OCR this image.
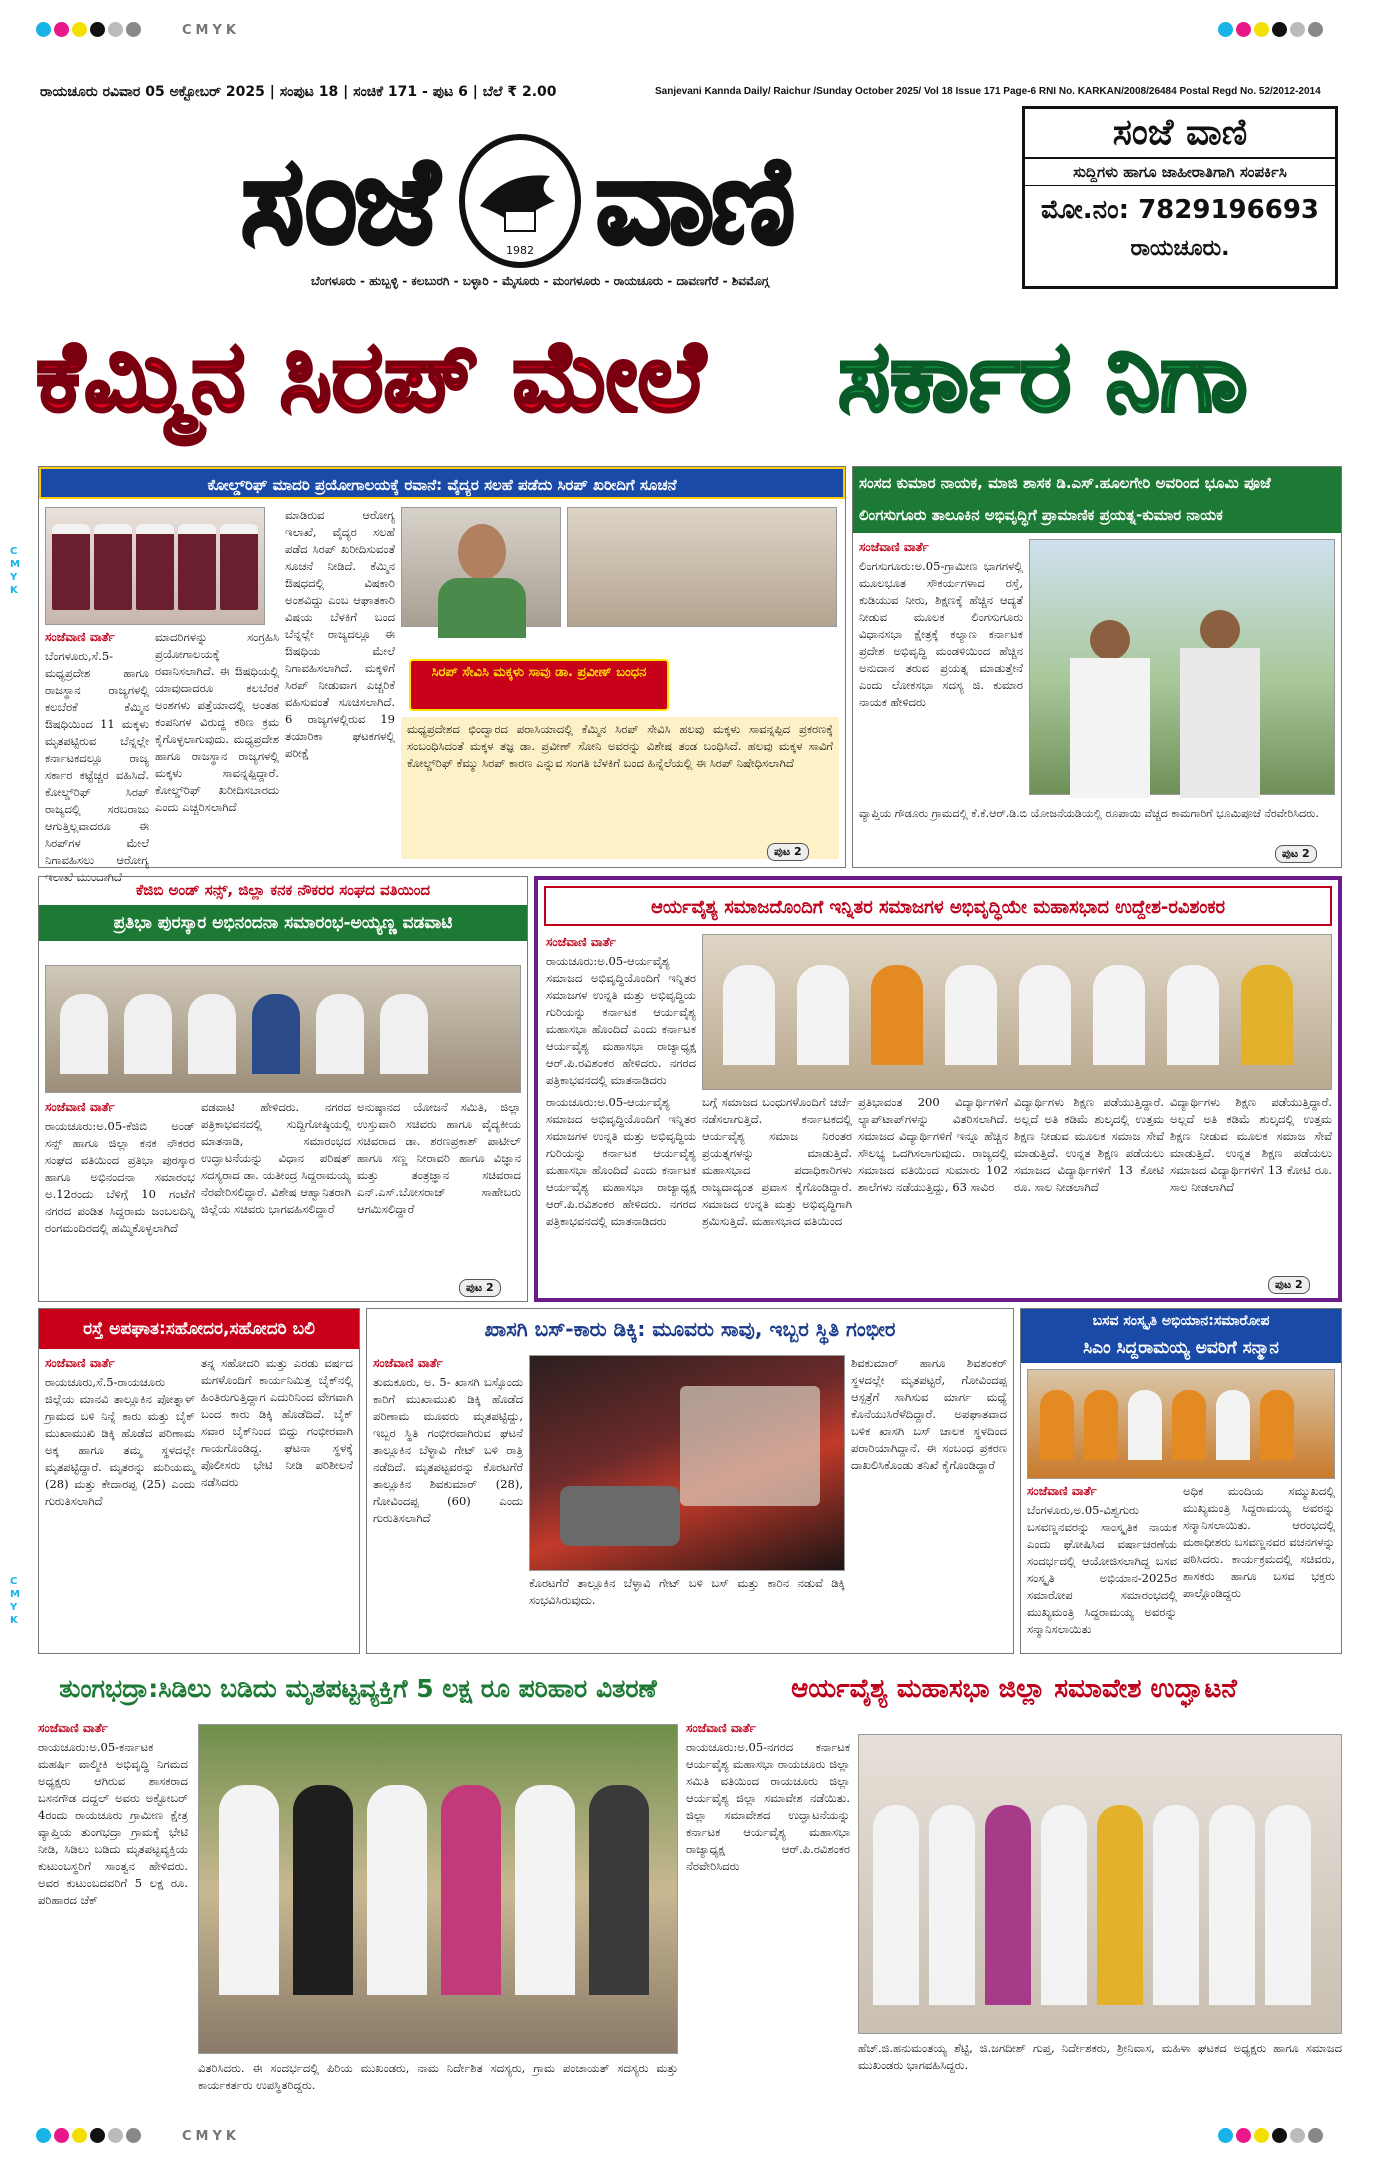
CMYK
CMYK
CMYK
CMYK
ರಾಯಚೂರು ರವಿವಾರ 05 ಅಕ್ಟೋಬರ್ 2025 | ಸಂಪುಟ 18 | ಸಂಚಿಕೆ 171 - ಪುಟ 6 | ಬೆಲೆ ₹ 2.00	Sanjevani Kannda Daily/ Raichur /Sunday October 2025/ Vol 18 Issue 171 Page-6 RNI No. KARKAN/2008/26484 Postal Regd No. 52/2012-2014
ಸಂಜೆ	1982 ವಾಣಿ
ಬೆಂಗಳೂರು - ಹುಬ್ಬಳ್ಳಿ - ಕಲಬುರಗಿ - ಬಳ್ಳಾರಿ - ಮೈಸೂರು - ಮಂಗಳೂರು - ರಾಯಚೂರು - ದಾವಣಗೆರೆ - ಶಿವಮೊಗ್ಗ
ಸಂಜೆ ವಾಣಿ
ಸುದ್ದಿಗಳು ಹಾಗೂ ಜಾಹೀರಾತಿಗಾಗಿ ಸಂಪರ್ಕಿಸಿ
ಮೋ.ನಂ: 7829196693
ರಾಯಚೂರು.
ಕೆಮ್ಮಿನ ಸಿರಪ್ ಮೇಲೆ ಸರ್ಕಾರ ನಿಗಾ
ಕೋಲ್ಡ್‌ರಿಫ್ ಮಾದರಿ ಪ್ರಯೋಗಾಲಯಕ್ಕೆ ರವಾನೆ: ವೈದ್ಯರ ಸಲಹೆ ಪಡೆದು ಸಿರಪ್ ಖರೀದಿಗೆ ಸೂಚನೆ
ಸಂಜೆವಾಣಿ ವಾರ್ತೆ
ಬೆಂಗಳೂರು,ಸೆ.5-ಮಧ್ಯಪ್ರದೇಶ ಹಾಗೂ ರಾಜಸ್ಥಾನ ರಾಜ್ಯಗಳಲ್ಲಿ ಕಲಬೆರಕೆ ಕೆಮ್ಮಿನ ಔಷಧಿಯಿಂದ 11 ಮಕ್ಕಳು ಮೃತಪಟ್ಟಿರುವ ಬೆನ್ನಲ್ಲೇ ಕರ್ನಾಟಕದಲ್ಲೂ ರಾಜ್ಯ ಸರ್ಕಾರ ಕಟ್ಟೆಚ್ಚರ ವಹಿಸಿದೆ. ಕೋಲ್ಡ್‌ರಿಫ್ ಸಿರಪ್ ರಾಜ್ಯದಲ್ಲಿ ಸರಬರಾಜು ಆಗುತ್ತಿಲ್ಲವಾದರೂ ಈ ಸಿರಪ್‌ಗಳ ಮೇಲೆ ನಿಗಾವಹಿಸಲು ಆರೋಗ್ಯ ಇಲಾಖೆ ಮುಂದಾಗಿದೆ
ಮಾದರಿಗಳನ್ನು ಸಂಗ್ರಹಿಸಿ ಪ್ರಯೋಗಾಲಯಕ್ಕೆ ರವಾನಿಸಲಾಗಿದೆ. ಈ ಔಷಧಿಯಲ್ಲಿ ಯಾವುದಾದರೂ ಕಲಬೆರಕೆ ಅಂಶಗಳು ಪತ್ತೆಯಾದಲ್ಲಿ ಅಂತಹ ಕಂಪನಿಗಳ ವಿರುದ್ಧ ಕಠಿಣ ಕ್ರಮ ಕೈಗೊಳ್ಳಲಾಗುವುದು. ಮಧ್ಯಪ್ರದೇಶ ಹಾಗೂ ರಾಜಸ್ಥಾನ ರಾಜ್ಯಗಳಲ್ಲಿ ಮಕ್ಕಳು ಸಾವನ್ನಪ್ಪಿದ್ದಾರೆ. ಕೋಲ್ಡ್‌ರಿಫ್ ಖರೀದಿಸಬಾರದು ಎಂದು ಎಚ್ಚರಿಸಲಾಗಿದೆ
ಮಾಡಿರುವ ಆರೋಗ್ಯ ಇಲಾಖೆ, ವೈದ್ಯರ ಸಲಹೆ ಪಡೆದ ಸಿರಪ್ ಖರೀದಿಸುವಂತೆ ಸೂಚನೆ ನೀಡಿದೆ. ಕೆಮ್ಮಿನ ಔಷಧದಲ್ಲಿ ವಿಷಕಾರಿ ಅಂಶವಿದ್ದು ಎಂಬ ಆಘಾತಕಾರಿ ವಿಷಯ ಬೆಳಕಿಗೆ ಬಂದ ಬೆನ್ನಲ್ಲೇ ರಾಜ್ಯದಲ್ಲೂ ಈ ಔಷಧಿಯ ಮೇಲೆ ನಿಗಾವಹಿಸಲಾಗಿದೆ. ಮಕ್ಕಳಿಗೆ ಸಿರಪ್ ನೀಡುವಾಗ ಎಚ್ಚರಿಕೆ ವಹಿಸುವಂತೆ ಸೂಚಿಸಲಾಗಿದೆ. 6 ರಾಜ್ಯಗಳಲ್ಲಿರುವ 19 ತಯಾರಿಕಾ ಘಟಕಗಳಲ್ಲಿ ಪರೀಕ್ಷೆ
ಸಿರಪ್ ಸೇವಿಸಿ ಮಕ್ಕಳು ಸಾವು ಡಾ. ಪ್ರವೀಣ್ ಬಂಧನ
ಮಧ್ಯಪ್ರದೇಶದ ಛಿಂದ್ವಾರದ ಪರಾಸಿಯಾದಲ್ಲಿ ಕೆಮ್ಮಿನ ಸಿರಪ್ ಸೇವಿಸಿ ಹಲವು ಮಕ್ಕಳು ಸಾವನ್ನಪ್ಪಿದ ಪ್ರಕರಣಕ್ಕೆ ಸಂಬಂಧಿಸಿದಂತೆ ಮಕ್ಕಳ ತಜ್ಞ ಡಾ. ಪ್ರವೀಣ್ ಸೋನಿ ಅವರನ್ನು ವಿಶೇಷ ತಂಡ ಬಂಧಿಸಿದೆ. ಹಲವು ಮಕ್ಕಳ ಸಾವಿಗೆ ಕೋಲ್ಡ್‌ರಿಫ್ ಕೆಮ್ಮು ಸಿರಪ್ ಕಾರಣ ಎನ್ನುವ ಸಂಗತಿ ಬೆಳಕಿಗೆ ಬಂದ ಹಿನ್ನೆಲೆಯಲ್ಲಿ ಈ ಸಿರಪ್ ನಿಷೇಧಿಸಲಾಗಿದೆ
ಪುಟ 2
ಸಂಸದ ಕುಮಾರ ನಾಯಕ, ಮಾಜಿ ಶಾಸಕ ಡಿ.ಎಸ್.ಹೂಲಗೇರಿ ಅವರಿಂದ ಭೂಮಿ ಪೂಜೆ
ಲಿಂಗಸುಗೂರು ತಾಲೂಕಿನ ಅಭಿವೃದ್ಧಿಗೆ ಪ್ರಾಮಾಣಿಕ ಪ್ರಯತ್ನ-ಕುಮಾರ ನಾಯಕ
ಸಂಜೆವಾಣಿ ವಾರ್ತೆ
ಲಿಂಗಸುಗೂರು:ಅ.05-ಗ್ರಾಮೀಣ ಭಾಗಗಳಲ್ಲಿ ಮೂಲಭೂತ ಸೌಕರ್ಯಗಳಾದ ರಸ್ತೆ, ಕುಡಿಯುವ ನೀರು, ಶಿಕ್ಷಣಕ್ಕೆ ಹೆಚ್ಚಿನ ಆದ್ಯತೆ ನೀಡುವ ಮೂಲಕ ಲಿಂಗಸುಗೂರು ವಿಧಾನಸಭಾ ಕ್ಷೇತ್ರಕ್ಕೆ ಕಲ್ಯಾಣ ಕರ್ನಾಟಕ ಪ್ರದೇಶ ಅಭಿವೃದ್ಧಿ ಮಂಡಳಿಯಿಂದ ಹೆಚ್ಚಿನ ಅನುದಾನ ತರುವ ಪ್ರಯತ್ನ ಮಾಡುತ್ತೇನೆ ಎಂದು ಲೋಕಸಭಾ ಸದಸ್ಯ ಜಿ. ಕುಮಾರ ನಾಯಕ ಹೇಳಿದರು
ವ್ಯಾಪ್ತಿಯ ಗೌಡೂರು ಗ್ರಾಮದಲ್ಲಿ ಕೆ.ಕೆ.ಆರ್.ಡಿ.ಬಿ ಯೋಜನೆಯಡಿಯಲ್ಲಿ ರೂಪಾಯಿ ವೆಚ್ಚದ ಕಾಮಗಾರಿಗೆ ಭೂಮಿಪೂಜೆ ನೆರವೇರಿಸಿದರು.
ಪುಟ 2
ಕೆಜಿಬಿ ಅಂಡ್ ಸನ್ಸ್, ಜಿಲ್ಲಾ ಕನಕ ನೌಕರರ ಸಂಘದ ವತಿಯಿಂದ
ಪ್ರತಿಭಾ ಪುರಸ್ಕಾರ ಅಭಿನಂದನಾ ಸಮಾರಂಭ-ಅಯ್ಯಣ್ಣ ವಡವಾಟಿ
ಸಂಜೆವಾಣಿ ವಾರ್ತೆ
ರಾಯಚೂರು:ಅ.05-ಕೆಜಿಬಿ ಅಂಡ್ ಸನ್ಸ್ ಹಾಗೂ ಜಿಲ್ಲಾ ಕನಕ ನೌಕರರ ಸಂಘದ ವತಿಯಿಂದ ಪ್ರತಿಭಾ ಪುರಸ್ಕಾರ ಹಾಗೂ ಅಭಿನಂದನಾ ಸಮಾರಂಭ ಅ.12ರಂದು ಬೆಳಿಗ್ಗೆ 10 ಗಂಟೆಗೆ ನಗರದ ಪಂಡಿತ ಸಿದ್ದರಾಮ ಜಂಬಲದಿನ್ನಿ ರಂಗಮಂದಿರದಲ್ಲಿ ಹಮ್ಮಿಕೊಳ್ಳಲಾಗಿದೆ
ವಡವಾಟಿ ಹೇಳಿದರು. ನಗರದ ಪತ್ರಿಕಾಭವನದಲ್ಲಿ ಸುದ್ದಿಗೋಷ್ಠಿಯಲ್ಲಿ ಮಾತನಾಡಿ, ಸಮಾರಂಭದ ಉದ್ಘಾಟನೆಯನ್ನು ವಿಧಾನ ಪರಿಷತ್ ಸದಸ್ಯರಾದ ಡಾ. ಯತೀಂದ್ರ ಸಿದ್ದರಾಮಯ್ಯ ನೆರವೇರಿಸಲಿದ್ದಾರೆ. ವಿಶೇಷ ಆಹ್ವಾನಿತರಾಗಿ ಜಿಲ್ಲೆಯ ಸಚಿವರು ಭಾಗವಹಿಸಲಿದ್ದಾರೆ
ಅನುಷ್ಠಾನದ ಯೋಜನೆ ಸಮಿತಿ, ಜಿಲ್ಲಾ ಉಸ್ತುವಾರಿ ಸಚಿವರು ಹಾಗೂ ವೈದ್ಯಕೀಯ ಸಚಿವರಾದ ಡಾ. ಶರಣಪ್ರಕಾಶ್ ಪಾಟೀಲ್ ಹಾಗೂ ಸಣ್ಣ ನೀರಾವರಿ ಹಾಗೂ ವಿಜ್ಞಾನ ಮತ್ತು ತಂತ್ರಜ್ಞಾನ ಸಚಿವರಾದ ಎನ್.ಎಸ್.ಬೋಸರಾಜ್ ಸಾಹೇಬರು ಆಗಮಿಸಲಿದ್ದಾರೆ
ಪುಟ 2
ಆರ್ಯವೈಶ್ಯ ಸಮಾಜದೊಂದಿಗೆ ಇನ್ನಿತರ ಸಮಾಜಗಳ ಅಭಿವೃದ್ಧಿಯೇ ಮಹಾಸಭಾದ ಉದ್ದೇಶ-ರವಿಶಂಕರ
ಸಂಜೆವಾಣಿ ವಾರ್ತೆ
ರಾಯಚೂರು:ಅ.05-ಆರ್ಯವೈಶ್ಯ ಸಮಾಜದ ಅಭಿವೃದ್ಧಿಯೊಂದಿಗೆ ಇನ್ನಿತರ ಸಮಾಜಗಳ ಉನ್ನತಿ ಮತ್ತು ಅಭಿವೃದ್ಧಿಯ ಗುರಿಯನ್ನು ಕರ್ನಾಟಕ ಆರ್ಯವೈಶ್ಯ ಮಹಾಸಭಾ ಹೊಂದಿದೆ ಎಂದು ಕರ್ನಾಟಕ ಆರ್ಯವೈಶ್ಯ ಮಹಾಸಭಾ ರಾಜ್ಯಾಧ್ಯಕ್ಷ ಆರ್.ಪಿ.ರವಿಶಂಕರ ಹೇಳಿದರು. ನಗರದ ಪತ್ರಿಕಾಭವನದಲ್ಲಿ ಮಾತನಾಡಿದರು
ರಾಯಚೂರು:ಅ.05-ಆರ್ಯವೈಶ್ಯ ಸಮಾಜದ ಅಭಿವೃದ್ಧಿಯೊಂದಿಗೆ ಇನ್ನಿತರ ಸಮಾಜಗಳ ಉನ್ನತಿ ಮತ್ತು ಅಭಿವೃದ್ಧಿಯ ಗುರಿಯನ್ನು ಕರ್ನಾಟಕ ಆರ್ಯವೈಶ್ಯ ಮಹಾಸಭಾ ಹೊಂದಿದೆ ಎಂದು ಕರ್ನಾಟಕ ಆರ್ಯವೈಶ್ಯ ಮಹಾಸಭಾ ರಾಜ್ಯಾಧ್ಯಕ್ಷ ಆರ್.ಪಿ.ರವಿಶಂಕರ ಹೇಳಿದರು. ನಗರದ ಪತ್ರಿಕಾಭವನದಲ್ಲಿ ಮಾತನಾಡಿದರು
ಬಗ್ಗೆ ಸಮಾಜದ ಬಂಧುಗಳೊಂದಿಗೆ ಚರ್ಚೆ ನಡೆಸಲಾಗುತ್ತಿದೆ. ಕರ್ನಾಟಕದಲ್ಲಿ ಆರ್ಯವೈಶ್ಯ ಸಮಾಜ ನಿರಂತರ ಪ್ರಯತ್ನಗಳನ್ನು ಮಾಡುತ್ತಿದೆ. ಮಹಾಸಭಾದ ಪದಾಧಿಕಾರಿಗಳು ರಾಜ್ಯದಾದ್ಯಂತ ಪ್ರವಾಸ ಕೈಗೊಂಡಿದ್ದಾರೆ. ಸಮಾಜದ ಉನ್ನತಿ ಮತ್ತು ಅಭಿವೃದ್ಧಿಗಾಗಿ ಶ್ರಮಿಸುತ್ತಿದೆ. ಮಹಾಸಭಾದ ವತಿಯಿಂದ
ಪ್ರತಿಭಾವಂತ 200 ವಿದ್ಯಾರ್ಥಿಗಳಿಗೆ ಲ್ಯಾಪ್‌ಟಾಪ್‌ಗಳನ್ನು ವಿತರಿಸಲಾಗಿದೆ. ಸಮಾಜದ ವಿದ್ಯಾರ್ಥಿಗಳಿಗೆ ಇನ್ನೂ ಹೆಚ್ಚಿನ ಸೌಲಭ್ಯ ಒದಗಿಸಲಾಗುವುದು. ರಾಜ್ಯದಲ್ಲಿ ಸಮಾಜದ ವತಿಯಿಂದ ಸುಮಾರು 102 ಶಾಲೆಗಳು ನಡೆಯುತ್ತಿದ್ದು, 63 ಸಾವಿರ
ವಿದ್ಯಾರ್ಥಿಗಳು ಶಿಕ್ಷಣ ಪಡೆಯುತ್ತಿದ್ದಾರೆ. ಅಲ್ಲದೆ ಅತಿ ಕಡಿಮೆ ಶುಲ್ಕದಲ್ಲಿ ಉತ್ತಮ ಶಿಕ್ಷಣ ನೀಡುವ ಮೂಲಕ ಸಮಾಜ ಸೇವೆ ಮಾಡುತ್ತಿದೆ. ಉನ್ನತ ಶಿಕ್ಷಣ ಪಡೆಯಲು ಸಮಾಜದ ವಿದ್ಯಾರ್ಥಿಗಳಿಗೆ 13 ಕೋಟಿ ರೂ. ಸಾಲ ನೀಡಲಾಗಿದೆ
ವಿದ್ಯಾರ್ಥಿಗಳು ಶಿಕ್ಷಣ ಪಡೆಯುತ್ತಿದ್ದಾರೆ. ಅಲ್ಲದೆ ಅತಿ ಕಡಿಮೆ ಶುಲ್ಕದಲ್ಲಿ ಉತ್ತಮ ಶಿಕ್ಷಣ ನೀಡುವ ಮೂಲಕ ಸಮಾಜ ಸೇವೆ ಮಾಡುತ್ತಿದೆ. ಉನ್ನತ ಶಿಕ್ಷಣ ಪಡೆಯಲು ಸಮಾಜದ ವಿದ್ಯಾರ್ಥಿಗಳಿಗೆ 13 ಕೋಟಿ ರೂ. ಸಾಲ ನೀಡಲಾಗಿದೆ
ಪುಟ 2
ರಸ್ತೆ ಅಪಘಾತ:ಸಹೋದರ,ಸಹೋದರಿ ಬಲಿ
ಸಂಜೆವಾಣಿ ವಾರ್ತೆ
ರಾಯಚೂರು,ಸೆ.5-ರಾಯಚೂರು ಜಿಲ್ಲೆಯ ಮಾನವಿ ತಾಲ್ಲೂಕಿನ ಪೋತ್ನಾಳ್ ಗ್ರಾಮದ ಬಳಿ ನಿನ್ನೆ ಕಾರು ಮತ್ತು ಬೈಕ್ ಮುಖಾಮುಖಿ ಡಿಕ್ಕಿ ಹೊಡೆದ ಪರಿಣಾಮ ಅಕ್ಕ ಹಾಗೂ ತಮ್ಮ ಸ್ಥಳದಲ್ಲೇ ಮೃತಪಟ್ಟಿದ್ದಾರೆ. ಮೃತರನ್ನು ಮರಿಯಮ್ಮ (28) ಮತ್ತು ಕೇದಾರಪ್ಪ (25) ಎಂದು ಗುರುತಿಸಲಾಗಿದೆ
ತನ್ನ ಸಹೋದರಿ ಮತ್ತು ಎರಡು ವರ್ಷದ ಮಗಳೊಂದಿಗೆ ಕಾರ್ಯನಿಮಿತ್ತ ಬೈಕ್‌ನಲ್ಲಿ ಹಿಂತಿರುಗುತ್ತಿದ್ದಾಗ ಎದುರಿನಿಂದ ವೇಗವಾಗಿ ಬಂದ ಕಾರು ಡಿಕ್ಕಿ ಹೊಡೆದಿದೆ. ಬೈಕ್ ಸವಾರ ಬೈಕ್‌ನಿಂದ ಬಿದ್ದು ಗಂಭೀರವಾಗಿ ಗಾಯಗೊಂಡಿದ್ದ. ಘಟನಾ ಸ್ಥಳಕ್ಕೆ ಪೊಲೀಸರು ಭೇಟಿ ನೀಡಿ ಪರಿಶೀಲನೆ ನಡೆಸಿದರು
ಖಾಸಗಿ ಬಸ್-ಕಾರು ಡಿಕ್ಕಿ: ಮೂವರು ಸಾವು, ಇಬ್ಬರ ಸ್ಥಿತಿ ಗಂಭೀರ
ಸಂಜೆವಾಣಿ ವಾರ್ತೆ
ತುಮಕೂರು, ಅ. 5- ಖಾಸಗಿ ಬಸ್ಸೊಂದು ಕಾರಿಗೆ ಮುಖಾಮುಖಿ ಡಿಕ್ಕಿ ಹೊಡೆದ ಪರಿಣಾಮ ಮೂವರು ಮೃತಪಟ್ಟಿದ್ದು, ಇಬ್ಬರ ಸ್ಥಿತಿ ಗಂಭೀರವಾಗಿರುವ ಘಟನೆ ತಾಲ್ಲೂಕಿನ ಬೆಳ್ಳಾವಿ ಗೇಟ್ ಬಳಿ ರಾತ್ರಿ ನಡೆದಿದೆ. ಮೃತಪಟ್ಟವರನ್ನು ಕೊರಟಗೆರೆ ತಾಲ್ಲೂಕಿನ ಶಿವಕುಮಾರ್ (28), ಗೋವಿಂದಪ್ಪ (60) ಎಂದು ಗುರುತಿಸಲಾಗಿದೆ
ಕೊರಟಗೆರೆ ತಾಲ್ಲೂಕಿನ ಬೆಳ್ಳಾವಿ ಗೇಟ್ ಬಳಿ ಬಸ್ ಮತ್ತು ಕಾರಿನ ನಡುವೆ ಡಿಕ್ಕಿ ಸಂಭವಿಸಿರುವುದು.
ಶಿವಕುಮಾರ್ ಹಾಗೂ ಶಿವಶಂಕರ್ ಸ್ಥಳದಲ್ಲೇ ಮೃತಪಟ್ಟರೆ, ಗೋವಿಂದಪ್ಪ ಆಸ್ಪತ್ರೆಗೆ ಸಾಗಿಸುವ ಮಾರ್ಗ ಮಧ್ಯೆ ಕೊನೆಯುಸಿರೆಳೆದಿದ್ದಾರೆ. ಅಪಘಾತವಾದ ಬಳಿಕ ಖಾಸಗಿ ಬಸ್ ಚಾಲಕ ಸ್ಥಳದಿಂದ ಪರಾರಿಯಾಗಿದ್ದಾನೆ. ಈ ಸಂಬಂಧ ಪ್ರಕರಣ ದಾಖಲಿಸಿಕೊಂಡು ತನಿಖೆ ಕೈಗೊಂಡಿದ್ದಾರೆ
ಬಸವ ಸಂಸ್ಕೃತಿ ಅಭಿಯಾನ:ಸಮಾರೋಪ
ಸಿಎಂ ಸಿದ್ದರಾಮಯ್ಯ ಅವರಿಗೆ ಸನ್ಮಾನ
ಸಂಜೆವಾಣಿ ವಾರ್ತೆ
ಬೆಂಗಳೂರು,ಅ.05-ವಿಶ್ವಗುರು ಬಸವಣ್ಣನವರನ್ನು ಸಾಂಸ್ಕೃತಿಕ ನಾಯಕ ಎಂದು ಘೋಷಿಸಿದ ವರ್ಷಾಚರಣೆಯ ಸಂದರ್ಭದಲ್ಲಿ ಆಯೋಜಿಸಲಾಗಿದ್ದ ಬಸವ ಸಂಸ್ಕೃತಿ ಅಭಿಯಾನ-2025ರ ಸಮಾರೋಪ ಸಮಾರಂಭದಲ್ಲಿ ಮುಖ್ಯಮಂತ್ರಿ ಸಿದ್ದರಾಮಯ್ಯ ಅವರನ್ನು ಸನ್ಮಾನಿಸಲಾಯಿತು
ಅಧಿಕ ಮಂದಿಯ ಸಮ್ಮುಖದಲ್ಲಿ ಮುಖ್ಯಮಂತ್ರಿ ಸಿದ್ದರಾಮಯ್ಯ ಅವರನ್ನು ಸನ್ಮಾನಿಸಲಾಯಿತು. ಆರಂಭದಲ್ಲಿ ಮಠಾಧೀಶರು ಬಸವಣ್ಣನವರ ವಚನಗಳನ್ನು ಪಠಿಸಿದರು. ಕಾರ್ಯಕ್ರಮದಲ್ಲಿ ಸಚಿವರು, ಶಾಸಕರು ಹಾಗೂ ಬಸವ ಭಕ್ತರು ಪಾಲ್ಗೊಂಡಿದ್ದರು
ತುಂಗಭದ್ರಾ:ಸಿಡಿಲು ಬಡಿದು ಮೃತಪಟ್ಟವ್ಯಕ್ತಿಗೆ 5 ಲಕ್ಷ ರೂ ಪರಿಹಾರ ವಿತರಣೆ
ಸಂಜೆವಾಣಿ ವಾರ್ತೆ
ರಾಯಚೂರು:ಅ.05-ಕರ್ನಾಟಕ ಮಹರ್ಷಿ ವಾಲ್ಮೀಕಿ ಅಭಿವೃದ್ಧಿ ನಿಗಮದ ಅಧ್ಯಕ್ಷರು ಆಗಿರುವ ಶಾಸಕರಾದ ಬಸನಗೌಡ ದದ್ದಲ್ ಅವರು ಅಕ್ಟೋಬರ್ 4ರಂದು ರಾಯಚೂರು ಗ್ರಾಮೀಣ ಕ್ಷೇತ್ರ ವ್ಯಾಪ್ತಿಯ ತುಂಗಭದ್ರಾ ಗ್ರಾಮಕ್ಕೆ ಭೇಟಿ ನೀಡಿ, ಸಿಡಿಲು ಬಡಿದು ಮೃತಪಟ್ಟವ್ಯಕ್ತಿಯ ಕುಟುಂಬಸ್ಥರಿಗೆ ಸಾಂತ್ವನ ಹೇಳಿದರು. ಅವರ ಕುಟುಂಬದವರಿಗೆ 5 ಲಕ್ಷ ರೂ. ಪರಿಹಾರದ ಚೆಕ್
ವಿತರಿಸಿದರು. ಈ ಸಂದರ್ಭದಲ್ಲಿ ಪಿರಿಯ ಮುಖಂಡರು, ನಾಮ ನಿರ್ದೇಶಿತ ಸದಸ್ಯರು, ಗ್ರಾಮ ಪಂಚಾಯತ್ ಸದಸ್ಯರು ಮತ್ತು ಕಾರ್ಯಕರ್ತರು ಉಪಸ್ಥಿತರಿದ್ದರು.
ಆರ್ಯವೈಶ್ಯ ಮಹಾಸಭಾ ಜಿಲ್ಲಾ ಸಮಾವೇಶ ಉದ್ಘಾಟನೆ
ಸಂಜೆವಾಣಿ ವಾರ್ತೆ
ರಾಯಚೂರು:ಅ.05-ನಗರದ ಕರ್ನಾಟಕ ಆರ್ಯವೈಶ್ಯ ಮಹಾಸಭಾ ರಾಯಚೂರು ಜಿಲ್ಲಾ ಸಮಿತಿ ವತಿಯಿಂದ ರಾಯಚೂರು ಜಿಲ್ಲಾ ಆರ್ಯವೈಶ್ಯ ಜಿಲ್ಲಾ ಸಮಾವೇಶ ನಡೆಯಿತು. ಜಿಲ್ಲಾ ಸಮಾವೇಶದ ಉದ್ಘಾಟನೆಯನ್ನು ಕರ್ನಾಟಕ ಆರ್ಯವೈಶ್ಯ ಮಹಾಸಭಾ ರಾಜ್ಯಾಧ್ಯಕ್ಷ ಆರ್.ಪಿ.ರವಿಶಂಕರ ನೆರವೇರಿಸಿದರು
ಹೆಚ್.ಜಿ.ಹನುಮಂತಯ್ಯ ಶೆಟ್ಟಿ, ಜಿ.ಜಗದೀಶ್ ಗುಪ್ತ, ನಿರ್ದೇಶಕರು, ಶ್ರೀನಿವಾಸ, ಮಹಿಳಾ ಘಟಕದ ಅಧ್ಯಕ್ಷರು ಹಾಗೂ ಸಮಾಜದ ಮುಖಂಡರು ಭಾಗವಹಿಸಿದ್ದರು.
